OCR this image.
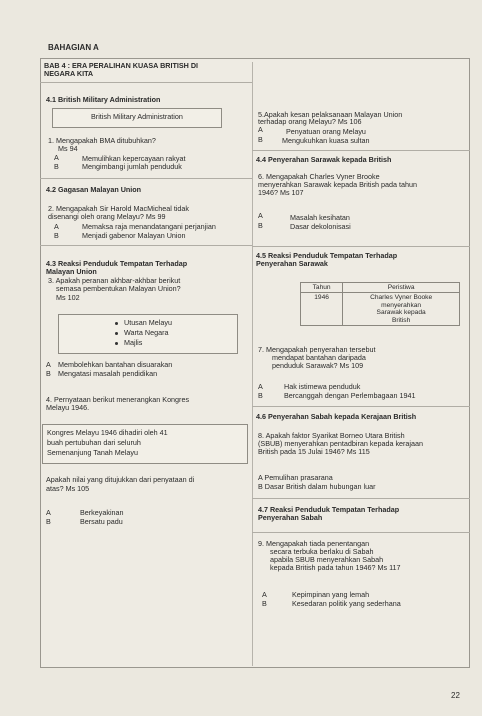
BAHAGIAN A
BAB 4 : ERA PERALIHAN KUASA BRITISH DI
NEGARA KITA
4.1 British Military Administration
British Military Administration
1. Mengapakah BMA ditubuhkan?
Ms 94
A	Memulihkan kepercayaan rakyat
B	Mengimbangi jumlah penduduk
4.2 Gagasan Malayan Union
2. Mengapakah Sir Harold MacMicheal tidak
disenangi oleh orang Melayu? Ms 99
A	Memaksa raja menandatangani perjanjian
B	Menjadi gabenor Malayan Union
4.3 Reaksi Penduduk Tempatan Terhadap
Malayan Union
3. Apakah peranan akhbar-akhbar berikut
semasa pembentukan Malayan Union?
Ms 102
Utusan Melayu
Warta Negara
Majlis
A Membolehkan bantahan disuarakan
B Mengatasi masalah pendidikan
4. Pernyataan berikut menerangkan Kongres
Melayu 1946.
Kongres Melayu 1946 dihadiri oleh 41
buah pertubuhan dari seluruh
Semenanjung Tanah Melayu
Apakah nilai yang ditujukkan dari penyataan di
atas? Ms 105
A	Berkeyakinan
B	Bersatu padu
5.Apakah kesan pelaksanaan Malayan Union
terhadap orang Melayu? Ms 106
A	Penyatuan orang Melayu
B	Mengukuhkan kuasa sultan
4.4 Penyerahan Sarawak kepada British
6. Mengapakah Charles Vyner Brooke
menyerahkan Sarawak kepada British pada tahun
1946? Ms 107
A	Masalah kesihatan
B	Dasar dekolonisasi
4.5 Reaksi Penduduk Tempatan Terhadap
Penyerahan Sarawak
Tahun	Peristiwa
1946	Charles Vyner Booke
menyerahkan
Sarawak kepada
British
7. Mengapakah penyerahan tersebut
mendapat bantahan daripada
penduduk Sarawak? Ms 109
A	Hak istimewa penduduk
B	Bercanggah dengan Perlembagaan 1941
4.6 Penyerahan Sabah kepada Kerajaan British
8. Apakah faktor Syarikat Borneo Utara British
(SBUB) menyerahkan pentadbiran kepada kerajaan
British pada 15 Julai 1946? Ms 115
A Pemulihan prasarana
B Dasar British dalam hubungan luar
4.7 Reaksi Penduduk Tempatan Terhadap
Penyerahan Sabah
9. Mengapakah tiada penentangan
secara terbuka berlaku di Sabah
apabila SBUB menyerahkan Sabah
kepada British pada tahun 1946? Ms 117
A	Kepimpinan yang lemah
B	Kesedaran politik yang sederhana
22
